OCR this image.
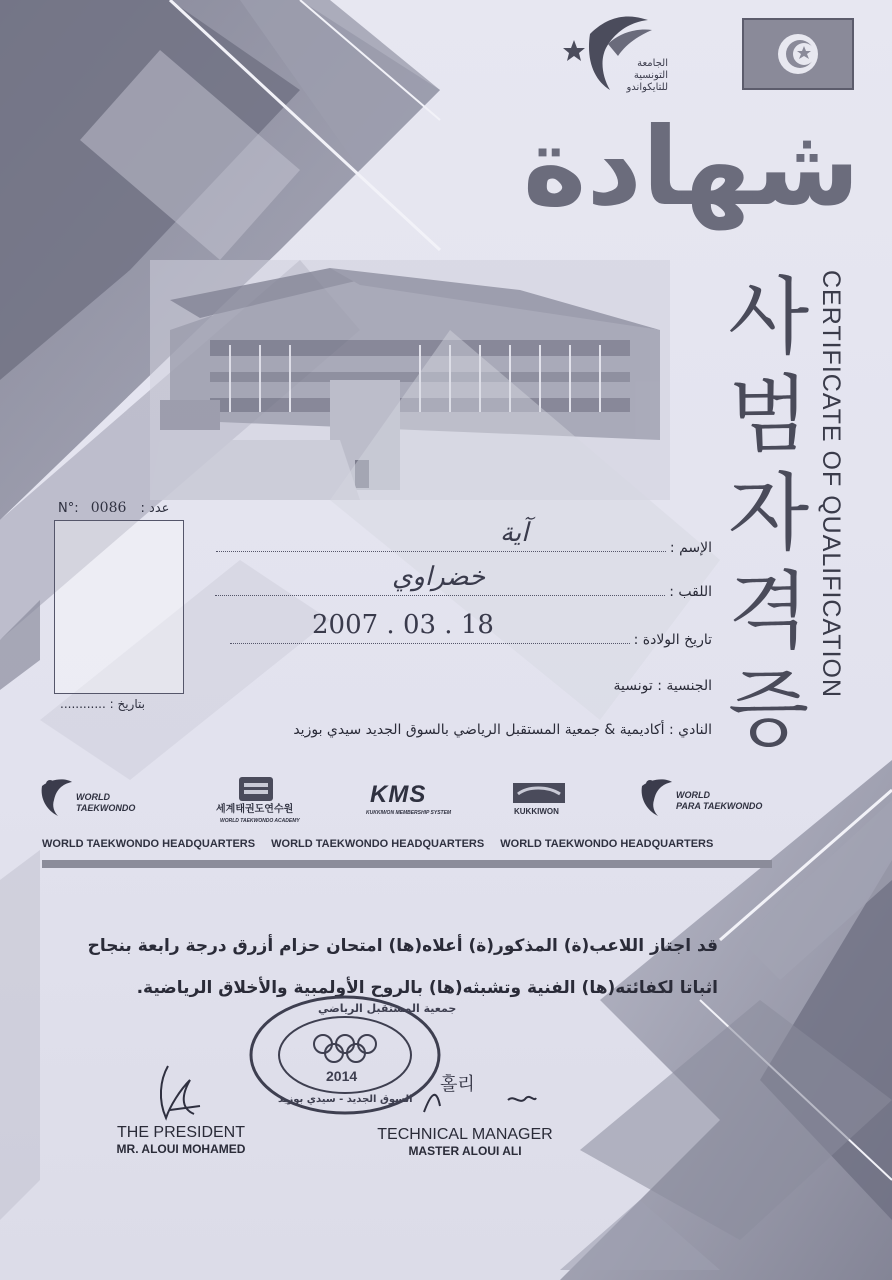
الجامعة التونسية للتايكواندو
شهادة
사
범
자
격
증
CERTIFICATE OF QUALIFICATION
N°: 0086 : عدد
بتاريخ : ............
الإسم :
آية
اللقب :
خضراوي
تاريخ الولادة :
2007 . 03 . 18
الجنسية : تونسية
النادي : أكاديمية & جمعية المستقبل الرياضي بالسوق الجديد سيدي بوزيد
WORLD
TAEKWONDO	세계태권도연수원
WORLD TAEKWONDO ACADEMY
KMS
KUKKIWON MEMBERSHIP SYSTEM	KUKKIWON
WORLD
PARA TAEKWONDO
WORLD TAEKWONDO HEADQUARTERS WORLD TAEKWONDO HEADQUARTERS WORLD TAEKWONDO HEADQUARTERS

قد اجتاز اللاعب(ة) المذكور(ة) أعلاه(ها) امتحان حزام أزرق درجة رابعة بنجاح

اثباتا لكفائته(ها) الفنية وتشبثه(ها) بالروح الأولمبية والأخلاق الرياضية.

جمعية المستقبل الرياضي
2014
السوق الجديد - سيدي بوزيد
THE PRESIDENT
MR. ALOUI MOHAMED
홀리
TECHNICAL MANAGER
MASTER ALOUI ALI
